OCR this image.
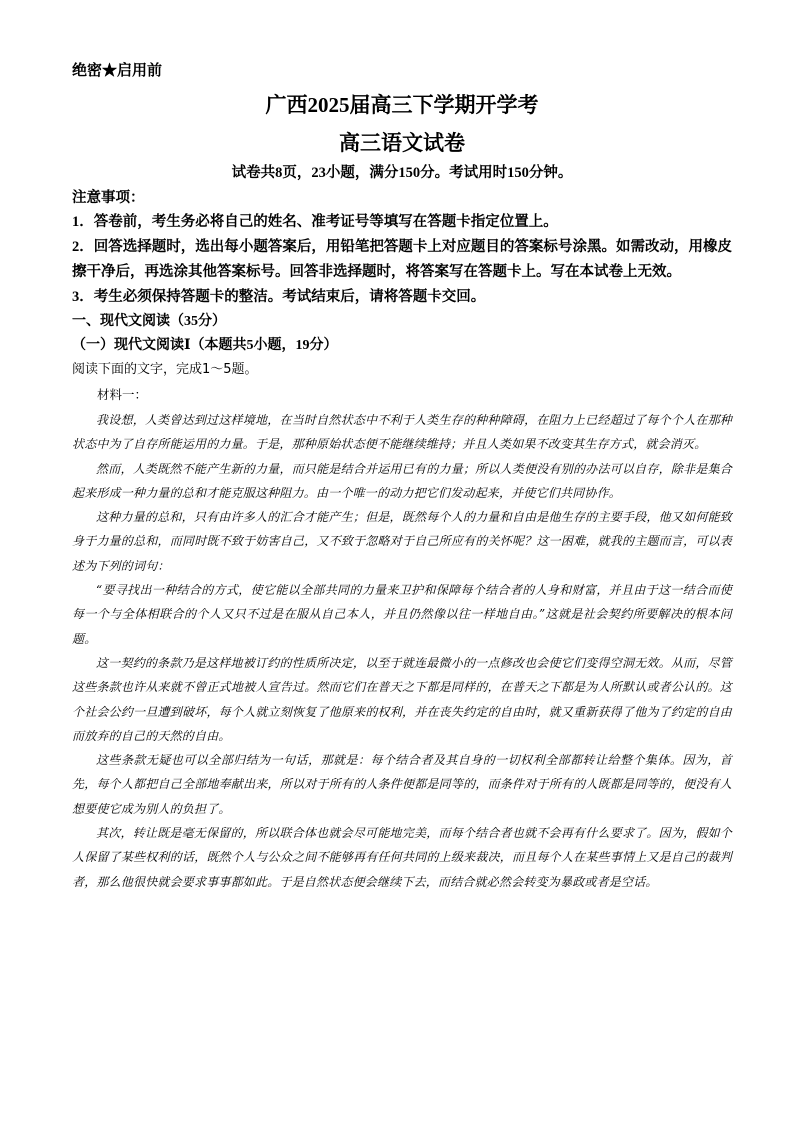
绝密★启用前
广西2025届高三下学期开学考
高三语文试卷
试卷共8页，23小题，满分150分。考试用时150分钟。
注意事项：
1．答卷前，考生务必将自己的姓名、准考证号等填写在答题卡指定位置上。
2．回答选择题时，选出每小题答案后，用铅笔把答题卡上对应题目的答案标号涂黑。如需改动，用橡皮擦干净后，再选涂其他答案标号。回答非选择题时，将答案写在答题卡上。写在本试卷上无效。
3．考生必须保持答题卡的整洁。考试结束后，请将答题卡交回。
一、现代文阅读（35分）
（一）现代文阅读Ⅰ（本题共5小题，19分）
阅读下面的文字，完成1～5题。
材料一：

我设想，人类曾达到过这样境地，在当时自然状态中不利于人类生存的种种障碍，在阻力上已经超过了每个个人在那种状态中为了自存所能运用的力量。于是，那种原始状态便不能继续维持；并且人类如果不改变其生存方式，就会消灭。

然而，人类既然不能产生新的力量，而只能是结合并运用已有的力量；所以人类便没有别的办法可以自存，除非是集合起来形成一种力量的总和才能克服这种阻力。由一个唯一的动力把它们发动起来，并使它们共同协作。

这种力量的总和，只有由许多人的汇合才能产生；但是，既然每个人的力量和自由是他生存的主要手段，他又如何能致身于力量的总和，而同时既不致于妨害自己，又不致于忽略对于自己所应有的关怀呢？这一困难，就我的主题而言，可以表述为下列的词句：

“要寻找出一种结合的方式，使它能以全部共同的力量来卫护和保障每个结合者的人身和财富，并且由于这一结合而使每一个与全体相联合的个人又只不过是在服从自己本人，并且仍然像以往一样地自由。”这就是社会契约所要解决的根本问题。

这一契约的条款乃是这样地被订约的性质所决定，以至于就连最微小的一点修改也会使它们变得空洞无效。从而，尽管这些条款也许从来就不曾正式地被人宣告过。然而它们在普天之下都是同样的，在普天之下都是为人所默认或者公认的。这个社会公约一旦遭到破坏，每个人就立刻恢复了他原来的权利，并在丧失约定的自由时，就又重新获得了他为了约定的自由而放弃的自己的天然的自由。

这些条款无疑也可以全部归结为一句话，那就是：每个结合者及其自身的一切权利全部都转让给整个集体。因为，首先，每个人都把自己全部地奉献出来，所以对于所有的人条件便都是同等的，而条件对于所有的人既都是同等的，便没有人想要使它成为别人的负担了。

其次，转让既是毫无保留的，所以联合体也就会尽可能地完美，而每个结合者也就不会再有什么要求了。因为，假如个人保留了某些权利的话，既然个人与公众之间不能够再有任何共同的上级来裁决，而且每个人在某些事情上又是自己的裁判者，那么他很快就会要求事事都如此。于是自然状态便会继续下去，而结合就必然会转变为暴政或者是空话。
